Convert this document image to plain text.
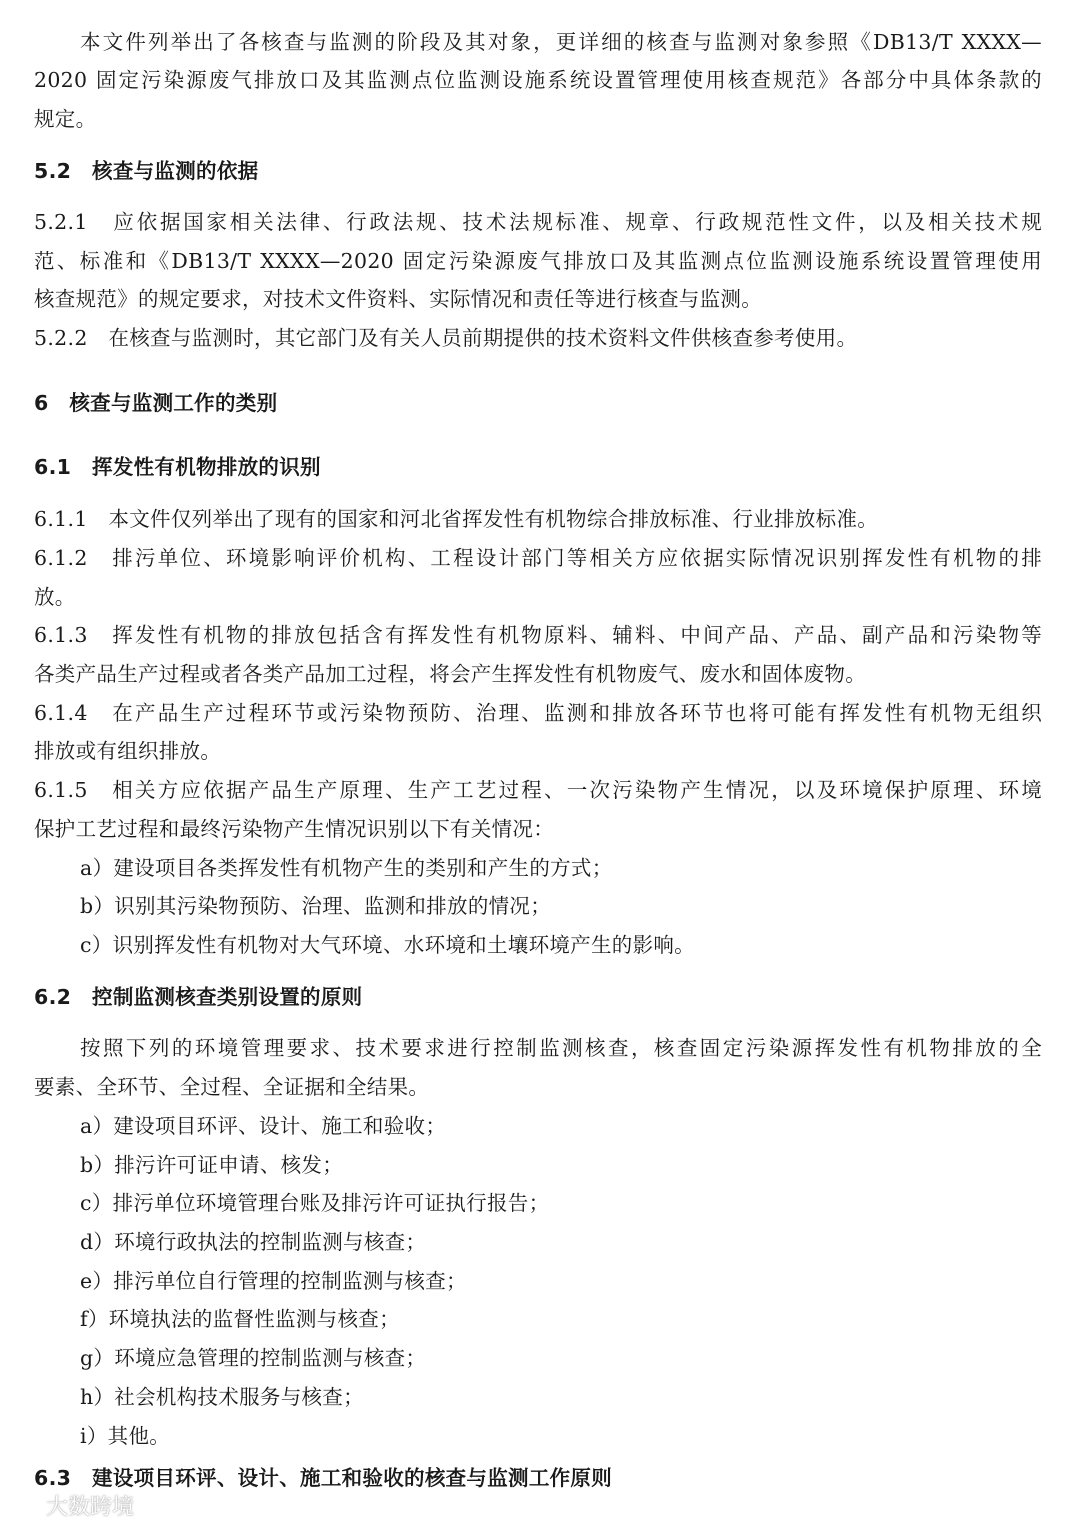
本文件列举出了各核查与监测的阶段及其对象，更详细的核查与监测对象参照《DB13/T XXXX—
2020 固定污染源废气排放口及其监测点位监测设施系统设置管理使用核查规范》各部分中具体条款的
规定。
5.2　核查与监测的依据
5.2.1　应依据国家相关法律、行政法规、技术法规标准、规章、行政规范性文件，以及相关技术规
范、标准和《DB13/T XXXX—2020 固定污染源废气排放口及其监测点位监测设施系统设置管理使用
核查规范》的规定要求，对技术文件资料、实际情况和责任等进行核查与监测。
5.2.2　在核查与监测时，其它部门及有关人员前期提供的技术资料文件供核查参考使用。
6　核查与监测工作的类别
6.1　挥发性有机物排放的识别
6.1.1　本文件仅列举出了现有的国家和河北省挥发性有机物综合排放标准、行业排放标准。
6.1.2　排污单位、环境影响评价机构、工程设计部门等相关方应依据实际情况识别挥发性有机物的排
放。
6.1.3　挥发性有机物的排放包括含有挥发性有机物原料、辅料、中间产品、产品、副产品和污染物等
各类产品生产过程或者各类产品加工过程，将会产生挥发性有机物废气、废水和固体废物。
6.1.4　在产品生产过程环节或污染物预防、治理、监测和排放各环节也将可能有挥发性有机物无组织
排放或有组织排放。
6.1.5　相关方应依据产品生产原理、生产工艺过程、一次污染物产生情况，以及环境保护原理、环境
保护工艺过程和最终污染物产生情况识别以下有关情况：
a）建设项目各类挥发性有机物产生的类别和产生的方式；
b）识别其污染物预防、治理、监测和排放的情况；
c）识别挥发性有机物对大气环境、水环境和土壤环境产生的影响。
6.2　控制监测核查类别设置的原则
按照下列的环境管理要求、技术要求进行控制监测核查，核查固定污染源挥发性有机物排放的全
要素、全环节、全过程、全证据和全结果。
a）建设项目环评、设计、施工和验收；
b）排污许可证申请、核发；
c）排污单位环境管理台账及排污许可证执行报告；
d）环境行政执法的控制监测与核查；
e）排污单位自行管理的控制监测与核查；
f）环境执法的监督性监测与核查；
g）环境应急管理的控制监测与核查；
h）社会机构技术服务与核查；
i）其他。
6.3　建设项目环评、设计、施工和验收的核查与监测工作原则
大数跨境
